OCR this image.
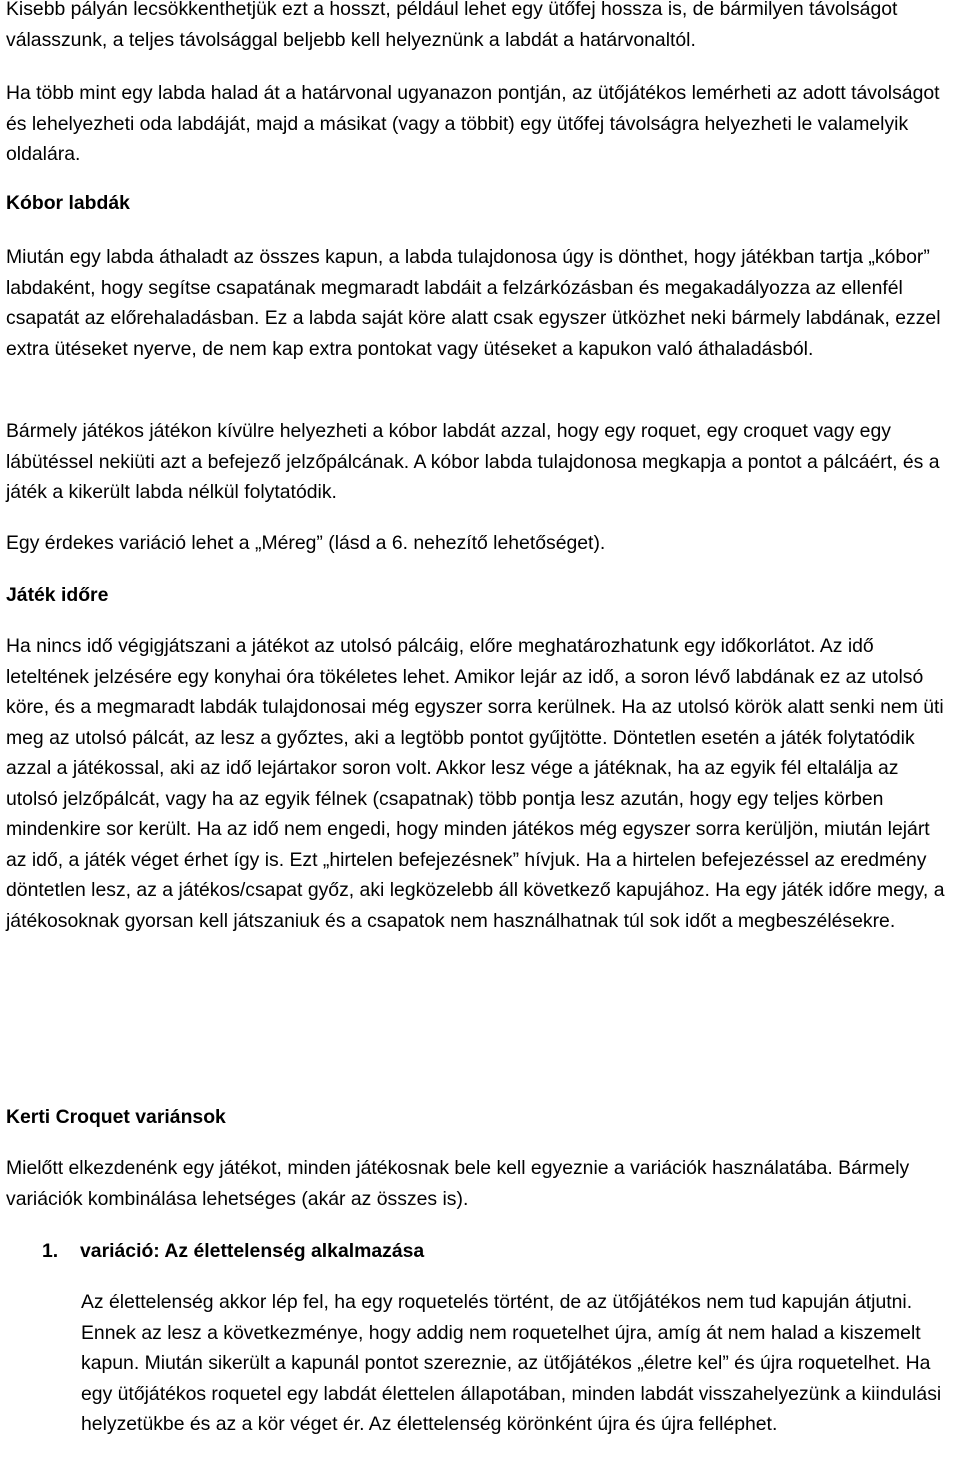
Kisebb pályán lecsökkenthetjük ezt a hosszt, például lehet egy ütőfej hossza is, de bármilyen távolságot válasszunk, a teljes távolsággal beljebb kell helyeznünk a labdát a határvonaltól.

Ha több mint egy labda halad át a határvonal ugyanazon pontján, az ütőjátékos lemérheti az adott távolságot és lehelyezheti oda labdáját, majd a másikat (vagy a többit) egy ütőfej távolságra helyezheti le valamelyik oldalára.

Kóbor labdák

Miután egy labda áthaladt az összes kapun, a labda tulajdonosa úgy is dönthet, hogy játékban tartja „kóbor” labdaként, hogy segítse csapatának megmaradt labdáit a felzárkózásban és megakadályozza az ellenfél csapatát az előrehaladásban. Ez a labda saját köre alatt csak egyszer ütközhet neki bármely labdának, ezzel extra ütéseket nyerve, de nem kap extra pontokat vagy ütéseket a kapukon való áthaladásból.

Bármely játékos játékon kívülre helyezheti a kóbor labdát azzal, hogy egy roquet, egy croquet vagy egy lábütéssel nekiüti azt a befejező jelzőpálcának. A kóbor labda tulajdonosa megkapja a pontot a pálcáért, és a játék a kikerült labda nélkül folytatódik.

Egy érdekes variáció lehet a „Méreg” (lásd a 6. nehezítő lehetőséget).

Játék időre

Ha nincs idő végigjátszani a játékot az utolsó pálcáig, előre meghatározhatunk egy időkorlátot. Az idő leteltének jelzésére egy konyhai óra tökéletes lehet. Amikor lejár az idő, a soron lévő labdának ez az utolsó köre, és a megmaradt labdák tulajdonosai még egyszer sorra kerülnek. Ha az utolsó körök alatt senki nem üti meg az utolsó pálcát, az lesz a győztes, aki a legtöbb pontot gyűjtötte. Döntetlen esetén a játék folytatódik azzal a játékossal, aki az idő lejártakor soron volt. Akkor lesz vége a játéknak, ha az egyik fél eltalálja az utolsó jelzőpálcát, vagy ha az egyik félnek (csapatnak) több pontja lesz azután, hogy egy teljes körben mindenkire sor került. Ha az idő nem engedi, hogy minden játékos még egyszer sorra kerüljön, miután lejárt az idő, a játék véget érhet így is. Ezt „hirtelen befejezésnek” hívjuk. Ha a hirtelen befejezéssel az eredmény döntetlen lesz, az a játékos/csapat győz, aki legközelebb áll következő kapujához. Ha egy játék időre megy, a játékosoknak gyorsan kell játszaniuk és a csapatok nem használhatnak túl sok időt a megbeszélésekre.

Kerti Croquet variánsok

Mielőtt elkezdenénk egy játékot, minden játékosnak bele kell egyeznie a variációk használatába. Bármely variációk kombinálása lehetséges (akár az összes is).

1. variáció: Az élettelenség alkalmazása

Az élettelenség akkor lép fel, ha egy roquetelés történt, de az ütőjátékos nem tud kapuján átjutni. Ennek az lesz a következménye, hogy addig nem roquetelhet újra, amíg át nem halad a kiszemelt kapun. Miután sikerült a kapunál pontot szereznie, az ütőjátékos „életre kel” és újra roquetelhet. Ha egy ütőjátékos roquetel egy labdát élettelen állapotában, minden labdát visszahelyezünk a kiindulási helyzetükbe és az a kör véget ér. Az élettelenség körönként újra és újra felléphet.
